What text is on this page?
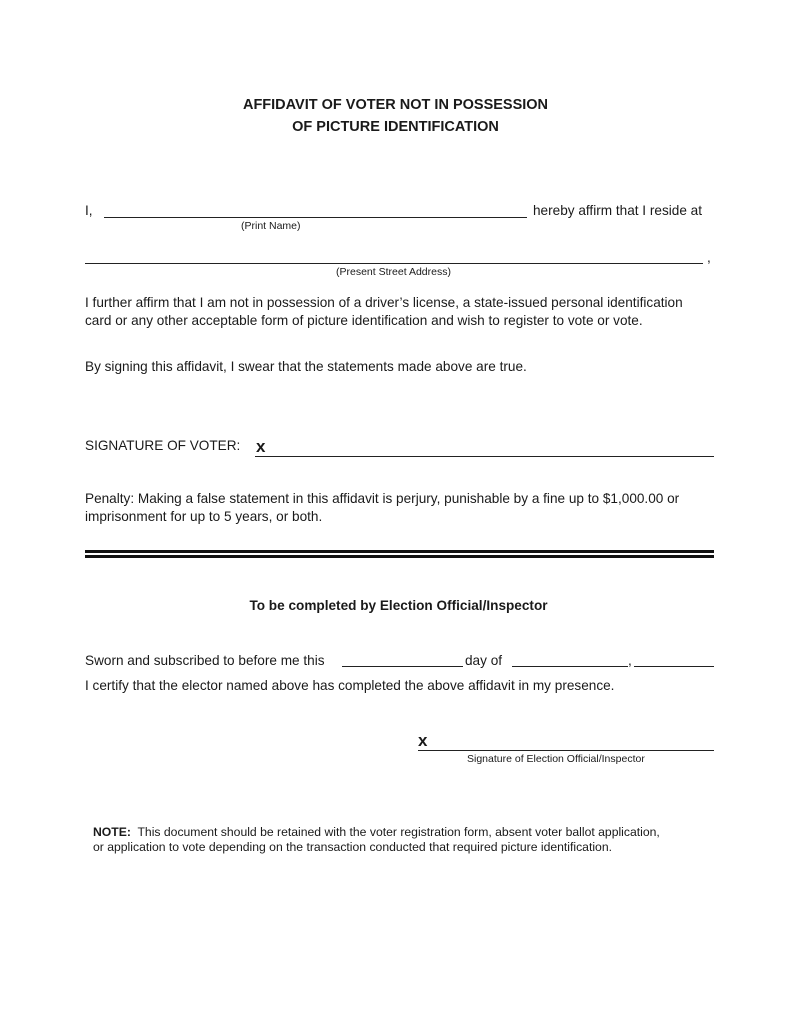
AFFIDAVIT OF VOTER NOT IN POSSESSION
OF PICTURE IDENTIFICATION
I,	hereby affirm that I reside at
(Print Name)
,
(Present Street Address)
I further affirm that I am not in possession of a driver’s license, a state-issued personal identification
card or any other acceptable form of picture identification and wish to register to vote or vote.
By signing this affidavit, I swear that the statements made above are true.
SIGNATURE OF VOTER: x
Penalty: Making a false statement in this affidavit is perjury, punishable by a fine up to $1,000.00 or
imprisonment for up to 5 years, or both.
To be completed by Election Official/Inspector
Sworn and subscribed to before me this	day of	,
I certify that the elector named above has completed the above affidavit in my presence.
x
Signature of Election Official/Inspector
NOTE:  This document should be retained with the voter registration form, absent voter ballot application,
or application to vote depending on the transaction conducted that required picture identification.
